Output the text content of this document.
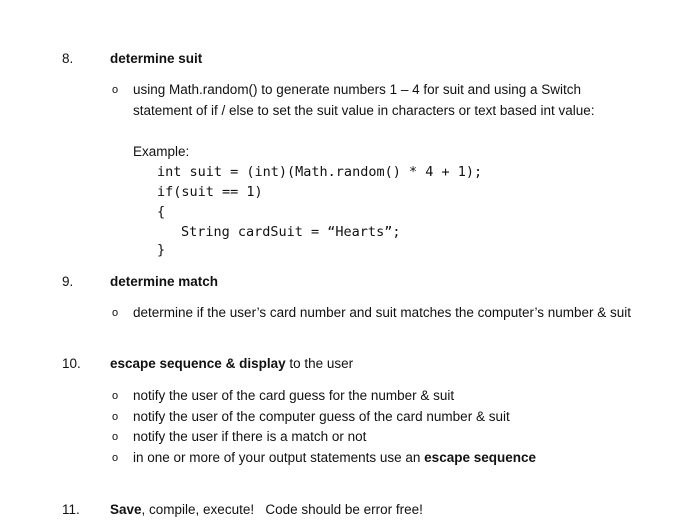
8.	determine suit
o using Math.random() to generate numbers 1 – 4 for suit and using a Switch
statement of if / else to set the suit value in characters or text based int value:
Example:
int suit = (int)(Math.random() * 4 + 1);
if(suit == 1)
{
String cardSuit = “Hearts”;
}
9.	determine match
o determine if the user’s card number and suit matches the computer’s number & suit
10. escape sequence & display to the user
o notify the user of the card guess for the number & suit
o notify the user of the computer guess of the card number & suit
o notify the user if there is a match or not
o in one or more of your output statements use an escape sequence
11. Save, compile, execute!   Code should be error free!
